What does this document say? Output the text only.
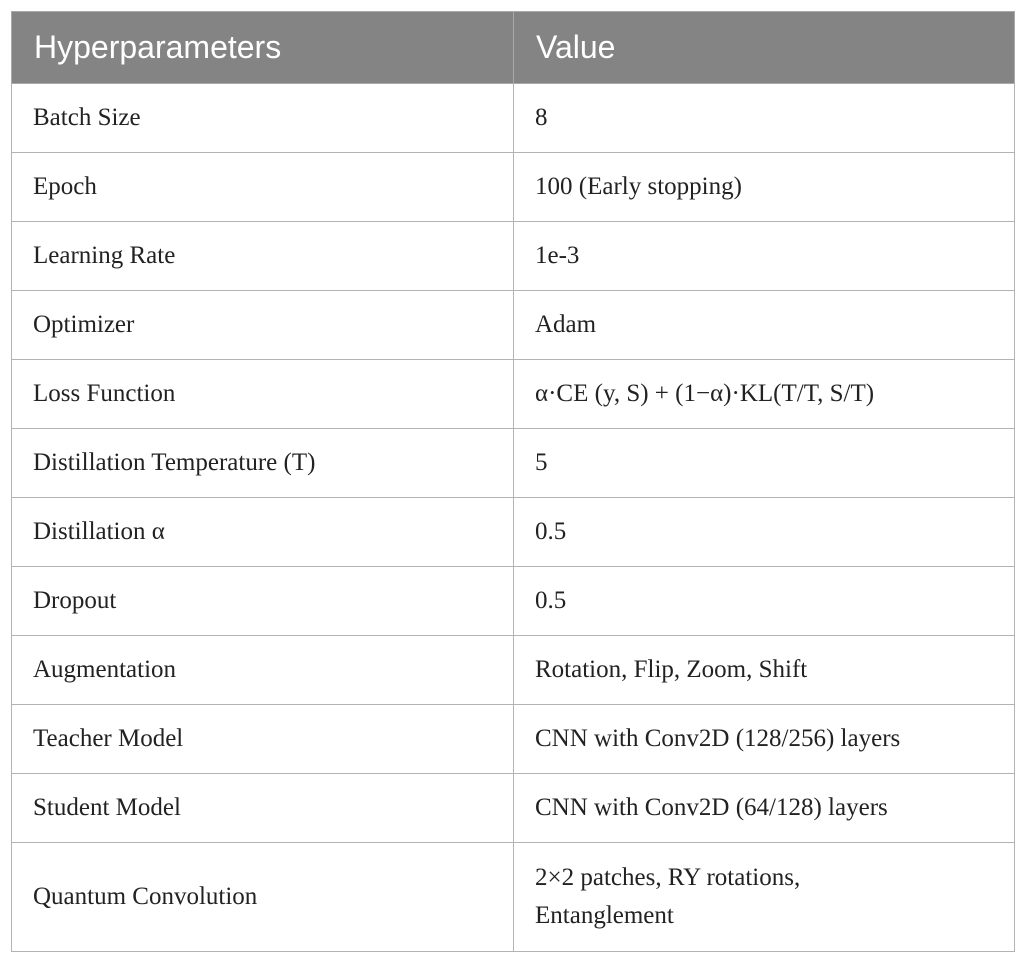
Hyperparameters	Value
Batch Size	8
Epoch	100 (Early stopping)
Learning Rate	1e-3
Optimizer	Adam
Loss Function	α·CE (y, S) + (1−α)·KL(T/T, S/T)
Distillation Temperature (T)	5
Distillation α	0.5
Dropout	0.5
Augmentation	Rotation, Flip, Zoom, Shift
Teacher Model	CNN with Conv2D (128/256) layers
Student Model	CNN with Conv2D (64/128) layers
Quantum Convolution	2×2 patches, RY rotations,
Entanglement
